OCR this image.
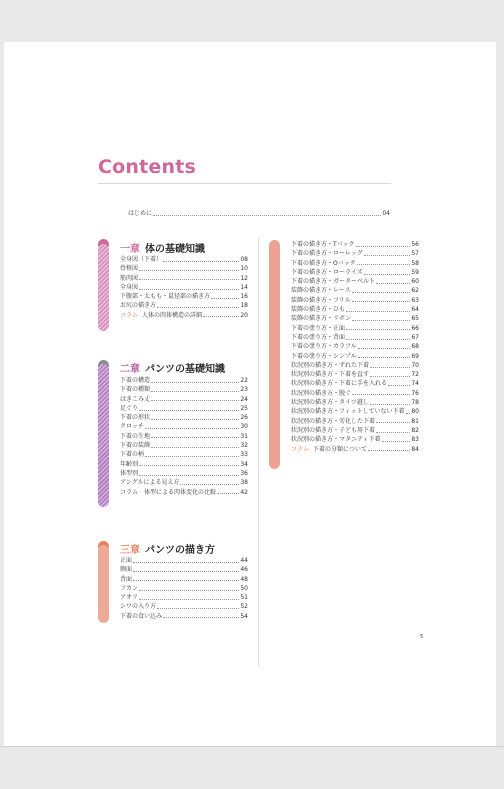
Contents
はじめに	04
一章 体の基礎知識
全身図（下着）	08
骨格図	10
筋肉図	12
全身図	14
下腹部・太もも・鼠径部の描き方	16
お尻の描き方	18
コラム 人体の肉体構造の詳細	20
二章 パンツの基礎知識
下着の構造	22
下着の種類	23
はきこみ丈	24
足ぐり	25
下着の形状	26
クロッチ	30
下着の生地	31
下着の装飾	32
下着の柄	33
年齢別	34
体型別	36
アングルによる見え方	38
コラム　体型による肉体変化の比較	42
三章 パンツの描き方
正面	44
側面	46
背面	48
フカン	50
アオリ	51
シワの入り方	52
下着の食い込み	54
下着の描き方・Tバック	56
下着の描き方・ローレッグ	57
下着の描き方・Oバック	58
下着の描き方・ローライズ	59
下着の描き方・ガーターベルト	60
装飾の描き方・レース	62
装飾の描き方・フリル	63
装飾の描き方・ひも	64
装飾の描き方・リボン	65
下着の塗り方・正面	66
下着の塗り方・背面	67
下着の塗り方・カラフル	68
下着の塗り方・シンプル	69
状況別の描き方・ずれた下着	70
状況別の描き方・下着を直す	72
状況別の描き方・下着に手を入れる	74
状況別の描き方・脱ぐ	76
状況別の描き方・タイツ越し	78
状況別の描き方・フィットしていない下着 80
状況別の描き方・劣化した下着	81
状況別の描き方・子ども用下着	82
状況別の描き方・マタニティ下着	83
コラム 下着の分類について	84
5
